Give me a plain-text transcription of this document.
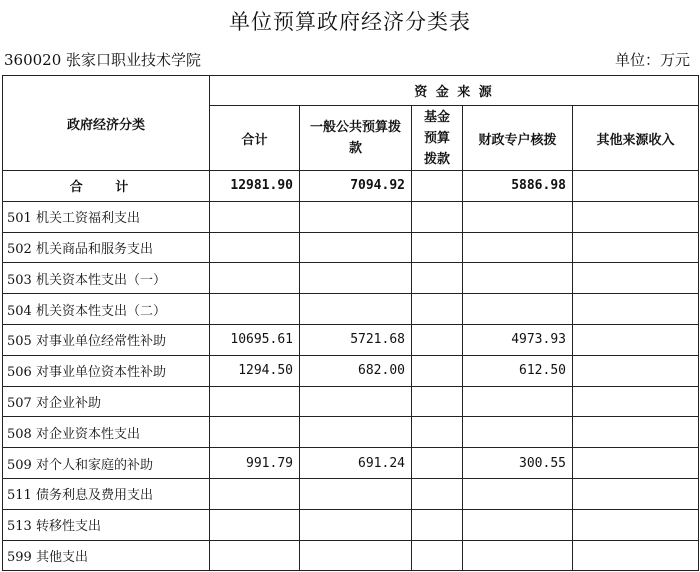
单位预算政府经济分类表
360020 张家口职业技术学院	单位：万元
政府经济分类	资 金 来 源				
	合计	一般公共预算拨款	基金预算拨款	财政专户核拨	其他来源收入
合 计	12981.90	7094.92		5886.98	
501 机关工资福利支出					
502 机关商品和服务支出					
503 机关资本性支出（一）					
504 机关资本性支出（二）					
505 对事业单位经常性补助	10695.61	5721.68		4973.93	
506 对事业单位资本性补助	1294.50	682.00		612.50	
507 对企业补助					
508 对企业资本性支出					
509 对个人和家庭的补助	991.79	691.24		300.55	
511 债务利息及费用支出					
513 转移性支出					
599 其他支出					
